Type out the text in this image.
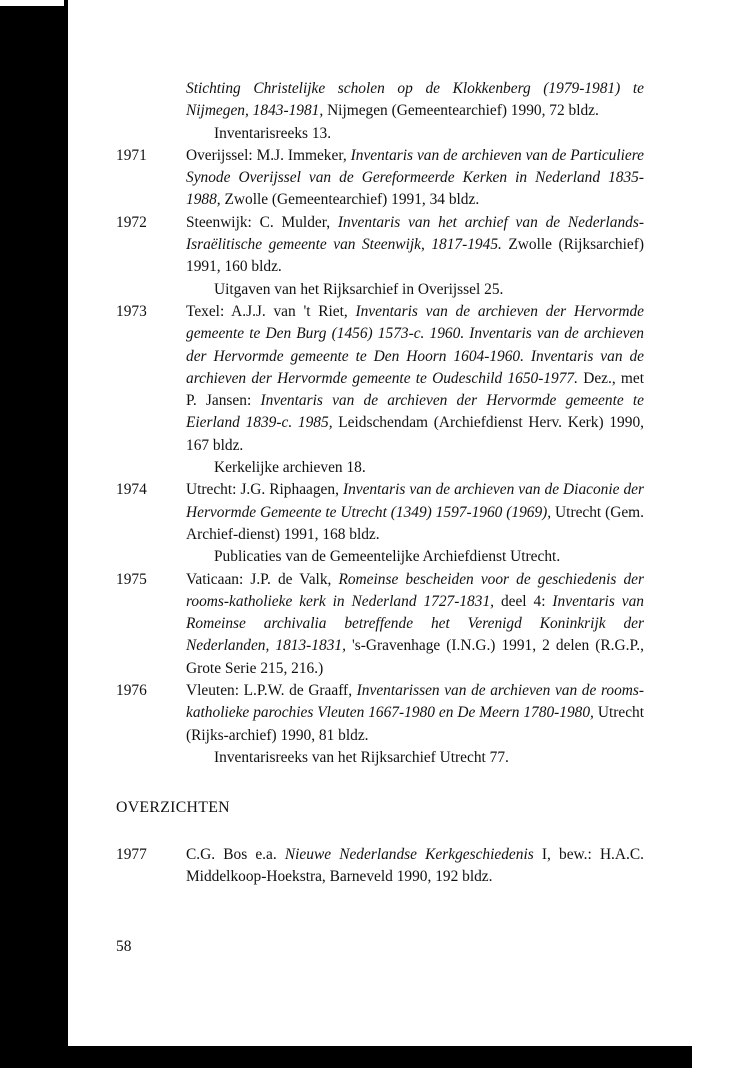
Stichting Christelijke scholen op de Klokkenberg (1979-1981) te Nijmegen, 1843-1981, Nijmegen (Gemeentearchief) 1990, 72 bldz.
Inventarisreeks 13.
1971	Overijssel: M.J. Immeker, Inventaris van de archieven van de Particuliere Synode Overijssel van de Gereformeerde Kerken in Nederland 1835-1988, Zwolle (Gemeentearchief) 1991, 34 bldz.
1972	Steenwijk: C. Mulder, Inventaris van het archief van de Nederlands-Israëlitische gemeente van Steenwijk, 1817-1945. Zwolle (Rijksarchief) 1991, 160 bldz.
Uitgaven van het Rijksarchief in Overijssel 25.
1973	Texel: A.J.J. van 't Riet, Inventaris van de archieven der Hervormde gemeente te Den Burg (1456) 1573-c. 1960. Inventaris van de archieven der Hervormde gemeente te Den Hoorn 1604-1960. Inventaris van de archieven der Hervormde gemeente te Oudeschild 1650-1977. Dez., met P. Jansen: Inventaris van de archieven der Hervormde gemeente te Eierland 1839-c. 1985, Leidschendam (Archiefdienst Herv. Kerk) 1990, 167 bldz.
Kerkelijke archieven 18.
1974	Utrecht: J.G. Riphaagen, Inventaris van de archieven van de Diaconie der Hervormde Gemeente te Utrecht (1349) 1597-1960 (1969), Utrecht (Gem. Archief-dienst) 1991, 168 bldz.
Publicaties van de Gemeentelijke Archiefdienst Utrecht.
1975	Vaticaan: J.P. de Valk, Romeinse bescheiden voor de geschiedenis der rooms-katholieke kerk in Nederland 1727-1831, deel 4: Inventaris van Romeinse archivalia betreffende het Verenigd Koninkrijk der Nederlanden, 1813-1831, 's-Gravenhage (I.N.G.) 1991, 2 delen (R.G.P., Grote Serie 215, 216.)
1976	Vleuten: L.P.W. de Graaff, Inventarissen van de archieven van de rooms-katholieke parochies Vleuten 1667-1980 en De Meern 1780-1980, Utrecht (Rijks-archief) 1990, 81 bldz.
Inventarisreeks van het Rijksarchief Utrecht 77.
OVERZICHTEN
1977	C.G. Bos e.a. Nieuwe Nederlandse Kerkgeschiedenis I, bew.: H.A.C. Middelkoop-Hoekstra, Barneveld 1990, 192 bldz.
58
